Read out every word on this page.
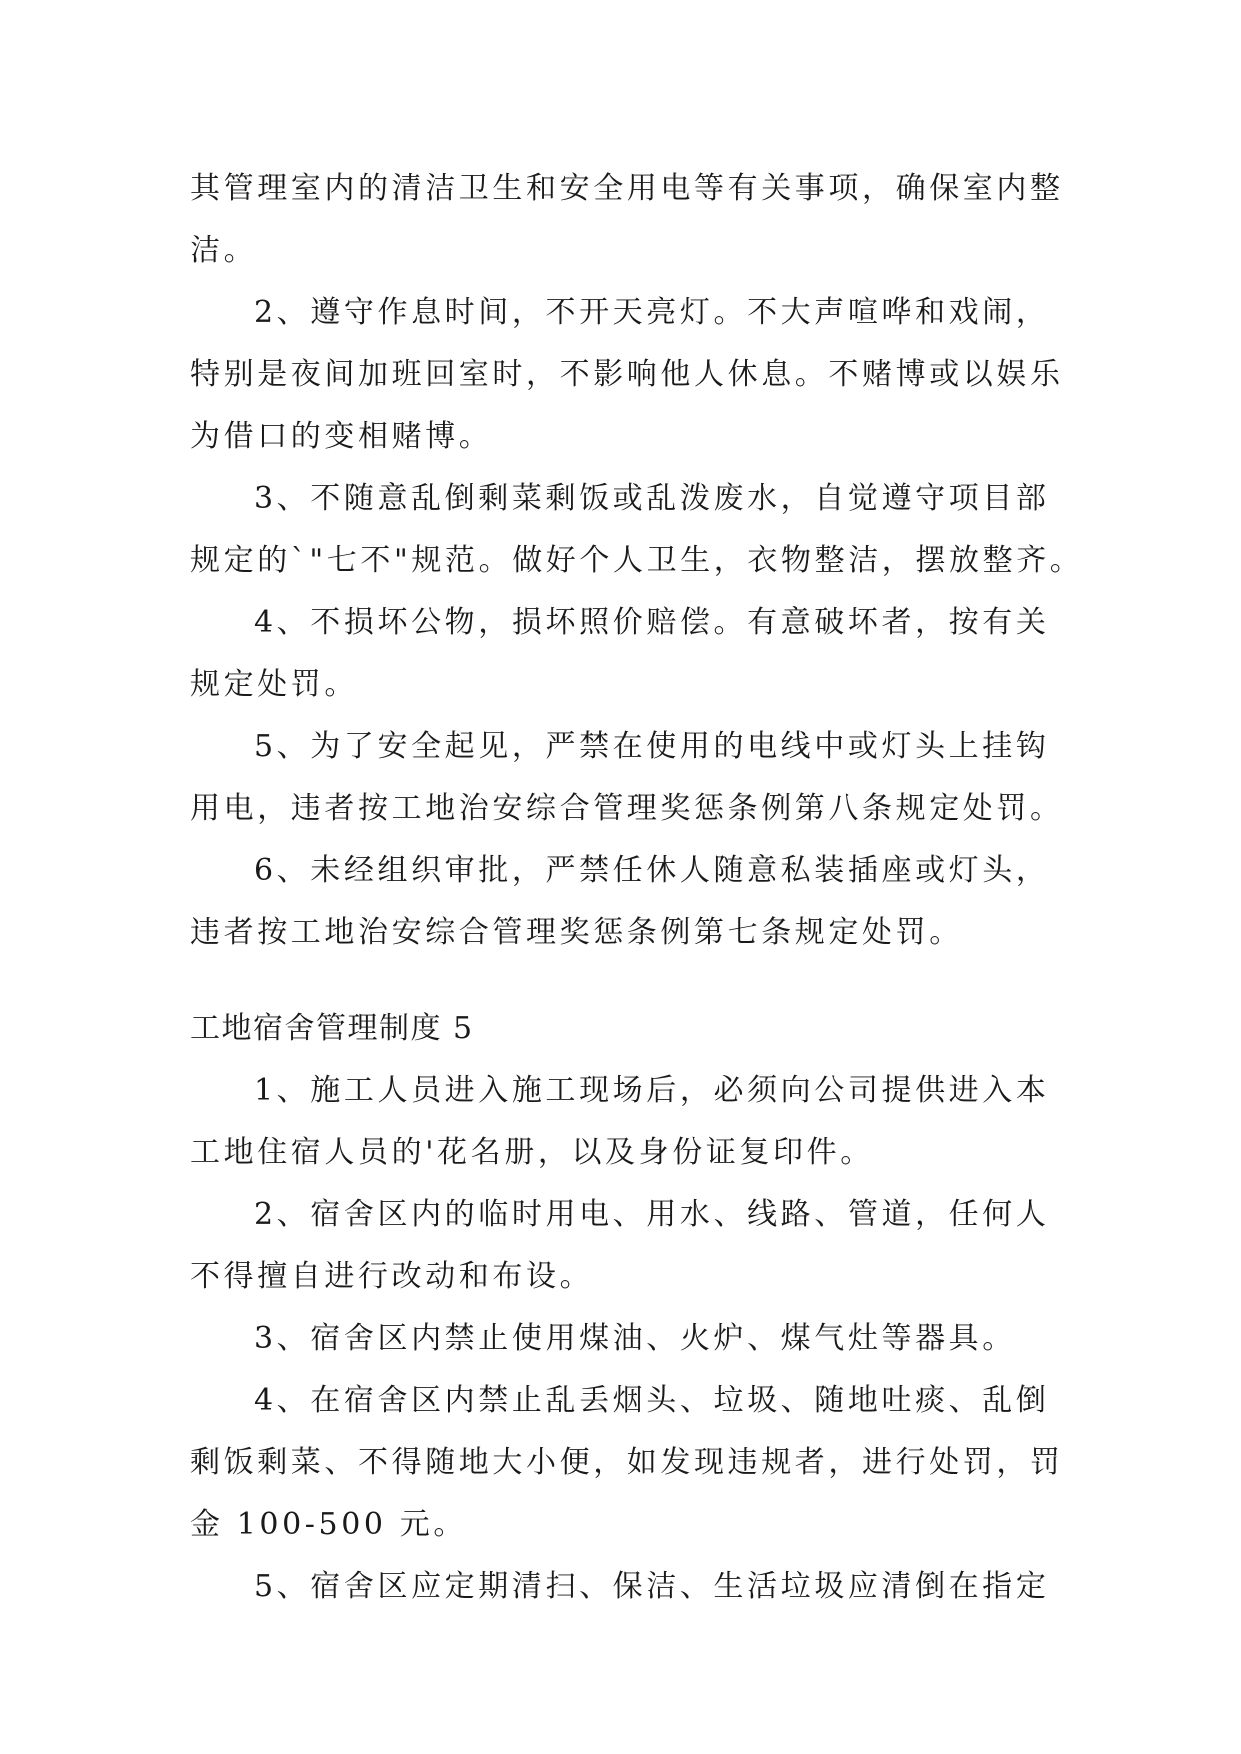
其管理室内的清洁卫生和安全用电等有关事项，确保室内整
洁。
2、遵守作息时间，不开天亮灯。不大声喧哗和戏闹，
特别是夜间加班回室时，不影响他人休息。不赌博或以娱乐
为借口的变相赌博。
3、不随意乱倒剩菜剩饭或乱泼废水，自觉遵守项目部
规定的`"七不"规范。做好个人卫生，衣物整洁，摆放整齐。
4、不损坏公物，损坏照价赔偿。有意破坏者，按有关
规定处罚。
5、为了安全起见，严禁在使用的电线中或灯头上挂钩
用电，违者按工地治安综合管理奖惩条例第八条规定处罚。
6、未经组织审批，严禁任休人随意私装插座或灯头，
违者按工地治安综合管理奖惩条例第七条规定处罚。
工地宿舍管理制度 5
1、施工人员进入施工现场后，必须向公司提供进入本
工地住宿人员的'花名册，以及身份证复印件。
2、宿舍区内的临时用电、用水、线路、管道，任何人
不得擅自进行改动和布设。
3、宿舍区内禁止使用煤油、火炉、煤气灶等器具。
4、在宿舍区内禁止乱丢烟头、垃圾、随地吐痰、乱倒
剩饭剩菜、不得随地大小便，如发现违规者，进行处罚，罚
金 100-500 元。
5、宿舍区应定期清扫、保洁、生活垃圾应清倒在指定
